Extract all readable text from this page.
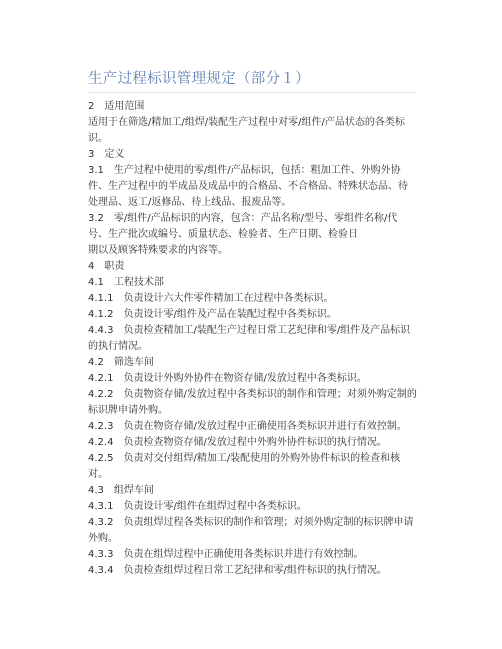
生产过程标识管理规定（部分１）
2　适用范围
适用于在筛选/精加工/组焊/装配生产过程中对零/组件/产品状态的各类标
识。
3　定义
3.1　生产过程中使用的零/组件/产品标识，包括：粗加工件、外购外协
件、生产过程中的半成品及成品中的合格品、不合格品、特殊状态品、待
处理品、返工/返修品、待上线品、报废品等。
3.2　零/组件/产品标识的内容，包含：产品名称/型号、零组件名称/代
号、生产批次或编号、质量状态、检验者、生产日期、检验日
期以及顾客特殊要求的内容等。
4　职责
4.1　工程技术部
4.1.1　负责设计六大件零件精加工在过程中各类标识。
4.1.2　负责设计零/组件及产品在装配过程中各类标识。
4.4.3　负责检查精加工/装配生产过程日常工艺纪律和零/组件及产品标识
的执行情况。
4.2　筛选车间
4.2.1　负责设计外购外协件在物资存储/发放过程中各类标识。
4.2.2　负责物资存储/发放过程中各类标识的制作和管理；对须外购定制的
标识牌申请外购。
4.2.3　负责在物资存储/发放过程中正确使用各类标识并进行有效控制。
4.2.4　负责检查物资存储/发放过程中外购外协件标识的执行情况。
4.2.5　负责对交付组焊/精加工/装配使用的外购外协件标识的检查和核
对。
4.3　组焊车间
4.3.1　负责设计零/组件在组焊过程中各类标识。
4.3.2　负责组焊过程各类标识的制作和管理；对须外购定制的标识牌申请
外购。
4.3.3　负责在组焊过程中正确使用各类标识并进行有效控制。
4.3.4　负责检查组焊过程日常工艺纪律和零/组件标识的执行情况。
